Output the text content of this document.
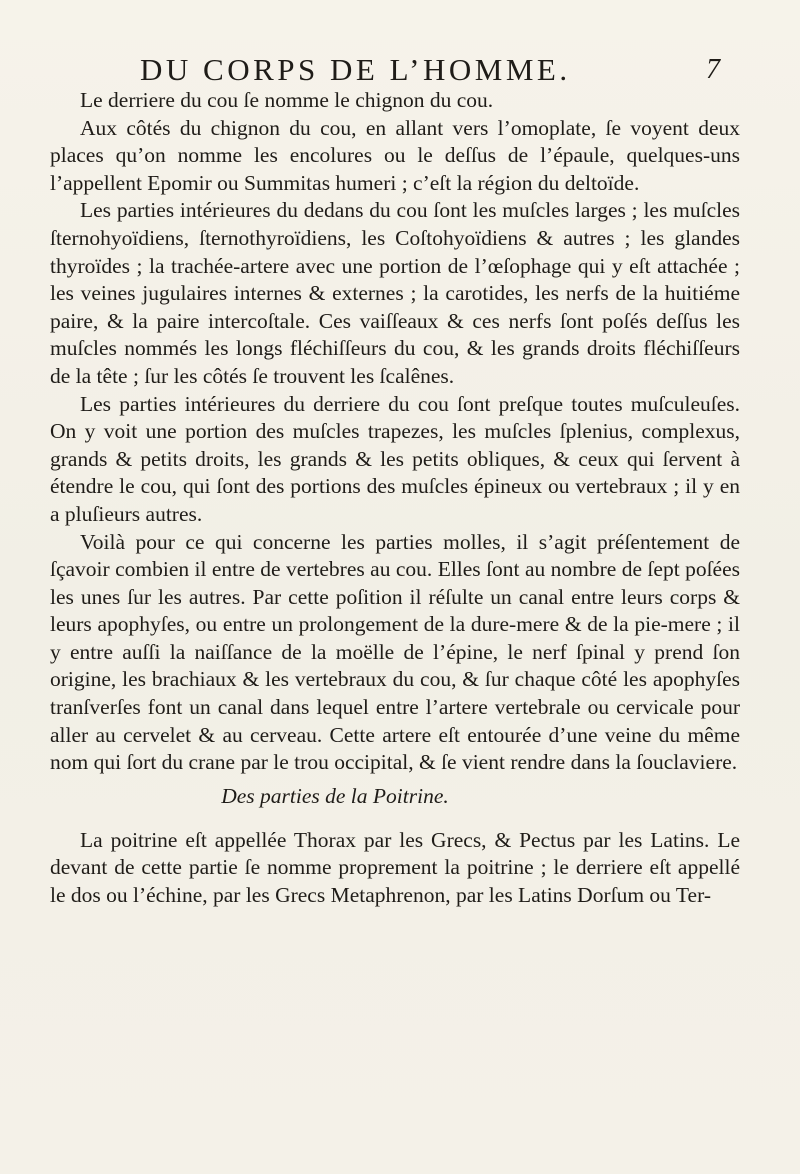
DU CORPS DE L’HOMME.	7

Le derriere du cou ſe nomme le chignon du cou.

Aux côtés du chignon du cou, en allant vers l’omoplate, ſe voyent deux places qu’on nomme les encolures ou le deſſus de l’épaule, quelques-uns l’appellent Epomir ou Summitas humeri ; c’eſt la région du deltoïde.

Les parties intérieures du dedans du cou ſont les muſcles larges ; les muſcles ſternohyoïdiens, ſternothyroïdiens, les Coſtohyoïdiens & autres ; les glandes thyroïdes ; la trachée-artere avec une portion de l’œſophage qui y eſt attachée ; les veines jugulaires internes & externes ; la carotides, les nerfs de la huitiéme paire, & la paire intercoſtale. Ces vaiſſeaux & ces nerfs ſont poſés deſſus les muſcles nommés les longs fléchiſſeurs du cou, & les grands droits fléchiſſeurs de la tête ; ſur les côtés ſe trouvent les ſcalênes.

Les parties intérieures du derriere du cou ſont preſque toutes muſculeuſes. On y voit une portion des muſcles trapezes, les muſcles ſplenius, complexus, grands & petits droits, les grands & les petits obliques, & ceux qui ſervent à étendre le cou, qui ſont des portions des muſcles épineux ou vertebraux ; il y en a pluſieurs autres.

Voilà pour ce qui concerne les parties molles, il s’agit préſentement de ſçavoir combien il entre de vertebres au cou. Elles ſont au nombre de ſept poſées les unes ſur les autres. Par cette poſition il réſulte un canal entre leurs corps & leurs apophyſes, ou entre un prolongement de la dure-mere & de la pie-mere ; il y entre auſſi la naiſſance de la moëlle de l’épine, le nerf ſpinal y prend ſon origine, les brachiaux & les vertebraux du cou, & ſur chaque côté les apophyſes tranſverſes font un canal dans lequel entre l’artere vertebrale ou cervicale pour aller au cervelet & au cerveau. Cette artere eſt entourée d’une veine du même nom qui ſort du crane par le trou occipital, & ſe vient rendre dans la ſouclaviere.

Des parties de la Poitrine.

La poitrine eſt appellée Thorax par les Grecs, & Pectus par les Latins. Le devant de cette partie ſe nomme proprement la poitrine ; le derriere eſt appellé le dos ou l’échine, par les Grecs Metaphrenon, par les Latins Dorſum ou Ter-
